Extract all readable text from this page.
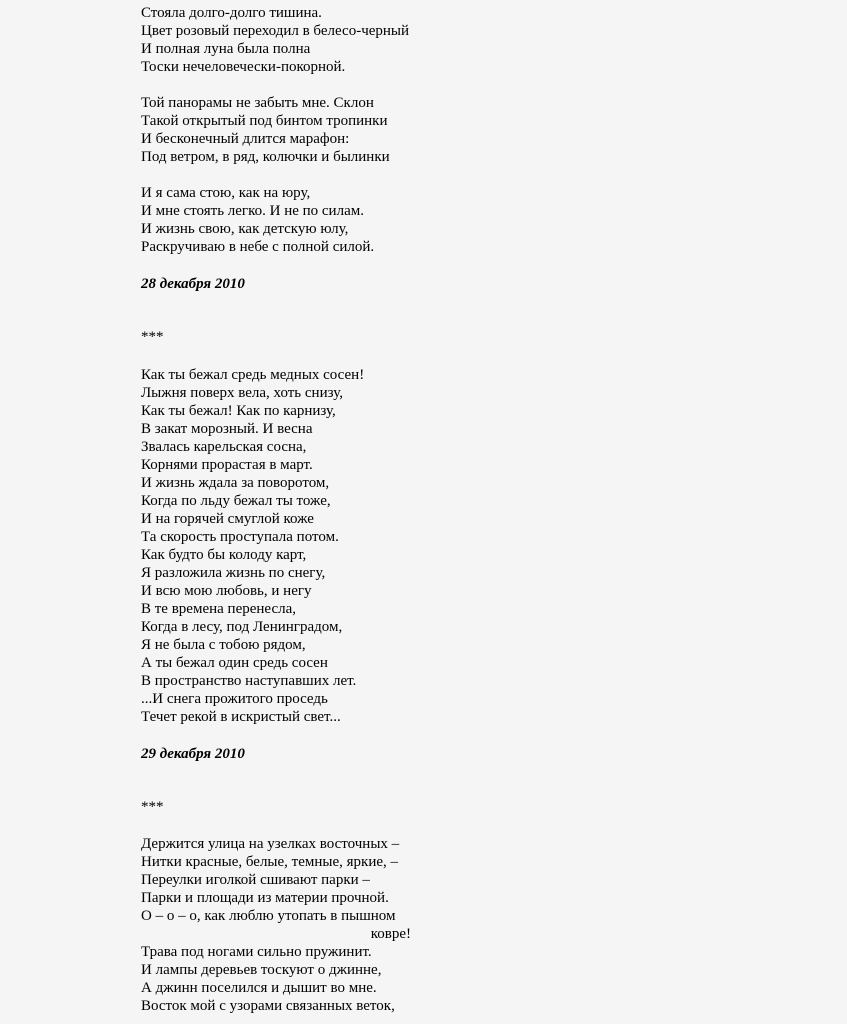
Стояла долго-долго тишина.
Цвет розовый переходил в белесо-черный
И полная луна была полна
Тоски нечеловечески-покорной.
Той панорамы не забыть мне. Склон
Такой открытый под бинтом тропинки
И бесконечный длится марафон:
Под ветром, в ряд, колючки и былинки
И я сама стою, как на юру,
И мне стоять легко. И не по силам.
И жизнь свою, как детскую юлу,
Раскручиваю в небе с полной силой.
28 декабря 2010
***
Как ты бежал средь медных сосен!
Лыжня поверх вела, хоть снизу,
Как ты бежал! Как по карнизу,
В закат морозный. И весна
Звалась карельская сосна,
Корнями прорастая в март.
И жизнь ждала за поворотом,
Когда по льду бежал ты тоже,
И на горячей смуглой коже
Та скорость проступала потом.
Как будто бы колоду карт,
Я разложила жизнь по снегу,
И всю мою любовь, и негу
В те времена перенесла,
Когда в лесу, под Ленинградом,
Я не была с тобою рядом,
А ты бежал один средь сосен
В пространство наступавших лет.
...И снега прожитого проседь
Течет рекой в искристый свет...
29 декабря 2010
***
Держится улица на узелках восточных –
Нитки красные, белые, темные, яркие, –
Переулки иголкой сшивают парки –
Парки и площади из материи прочной.
О – о – о, как люблю утопать в пышном
ковре!
Трава под ногами сильно пружинит.
И лампы деревьев тоскуют о джинне,
А джинн поселился и дышит во мне.
Восток мой с узорами связанных веток,
